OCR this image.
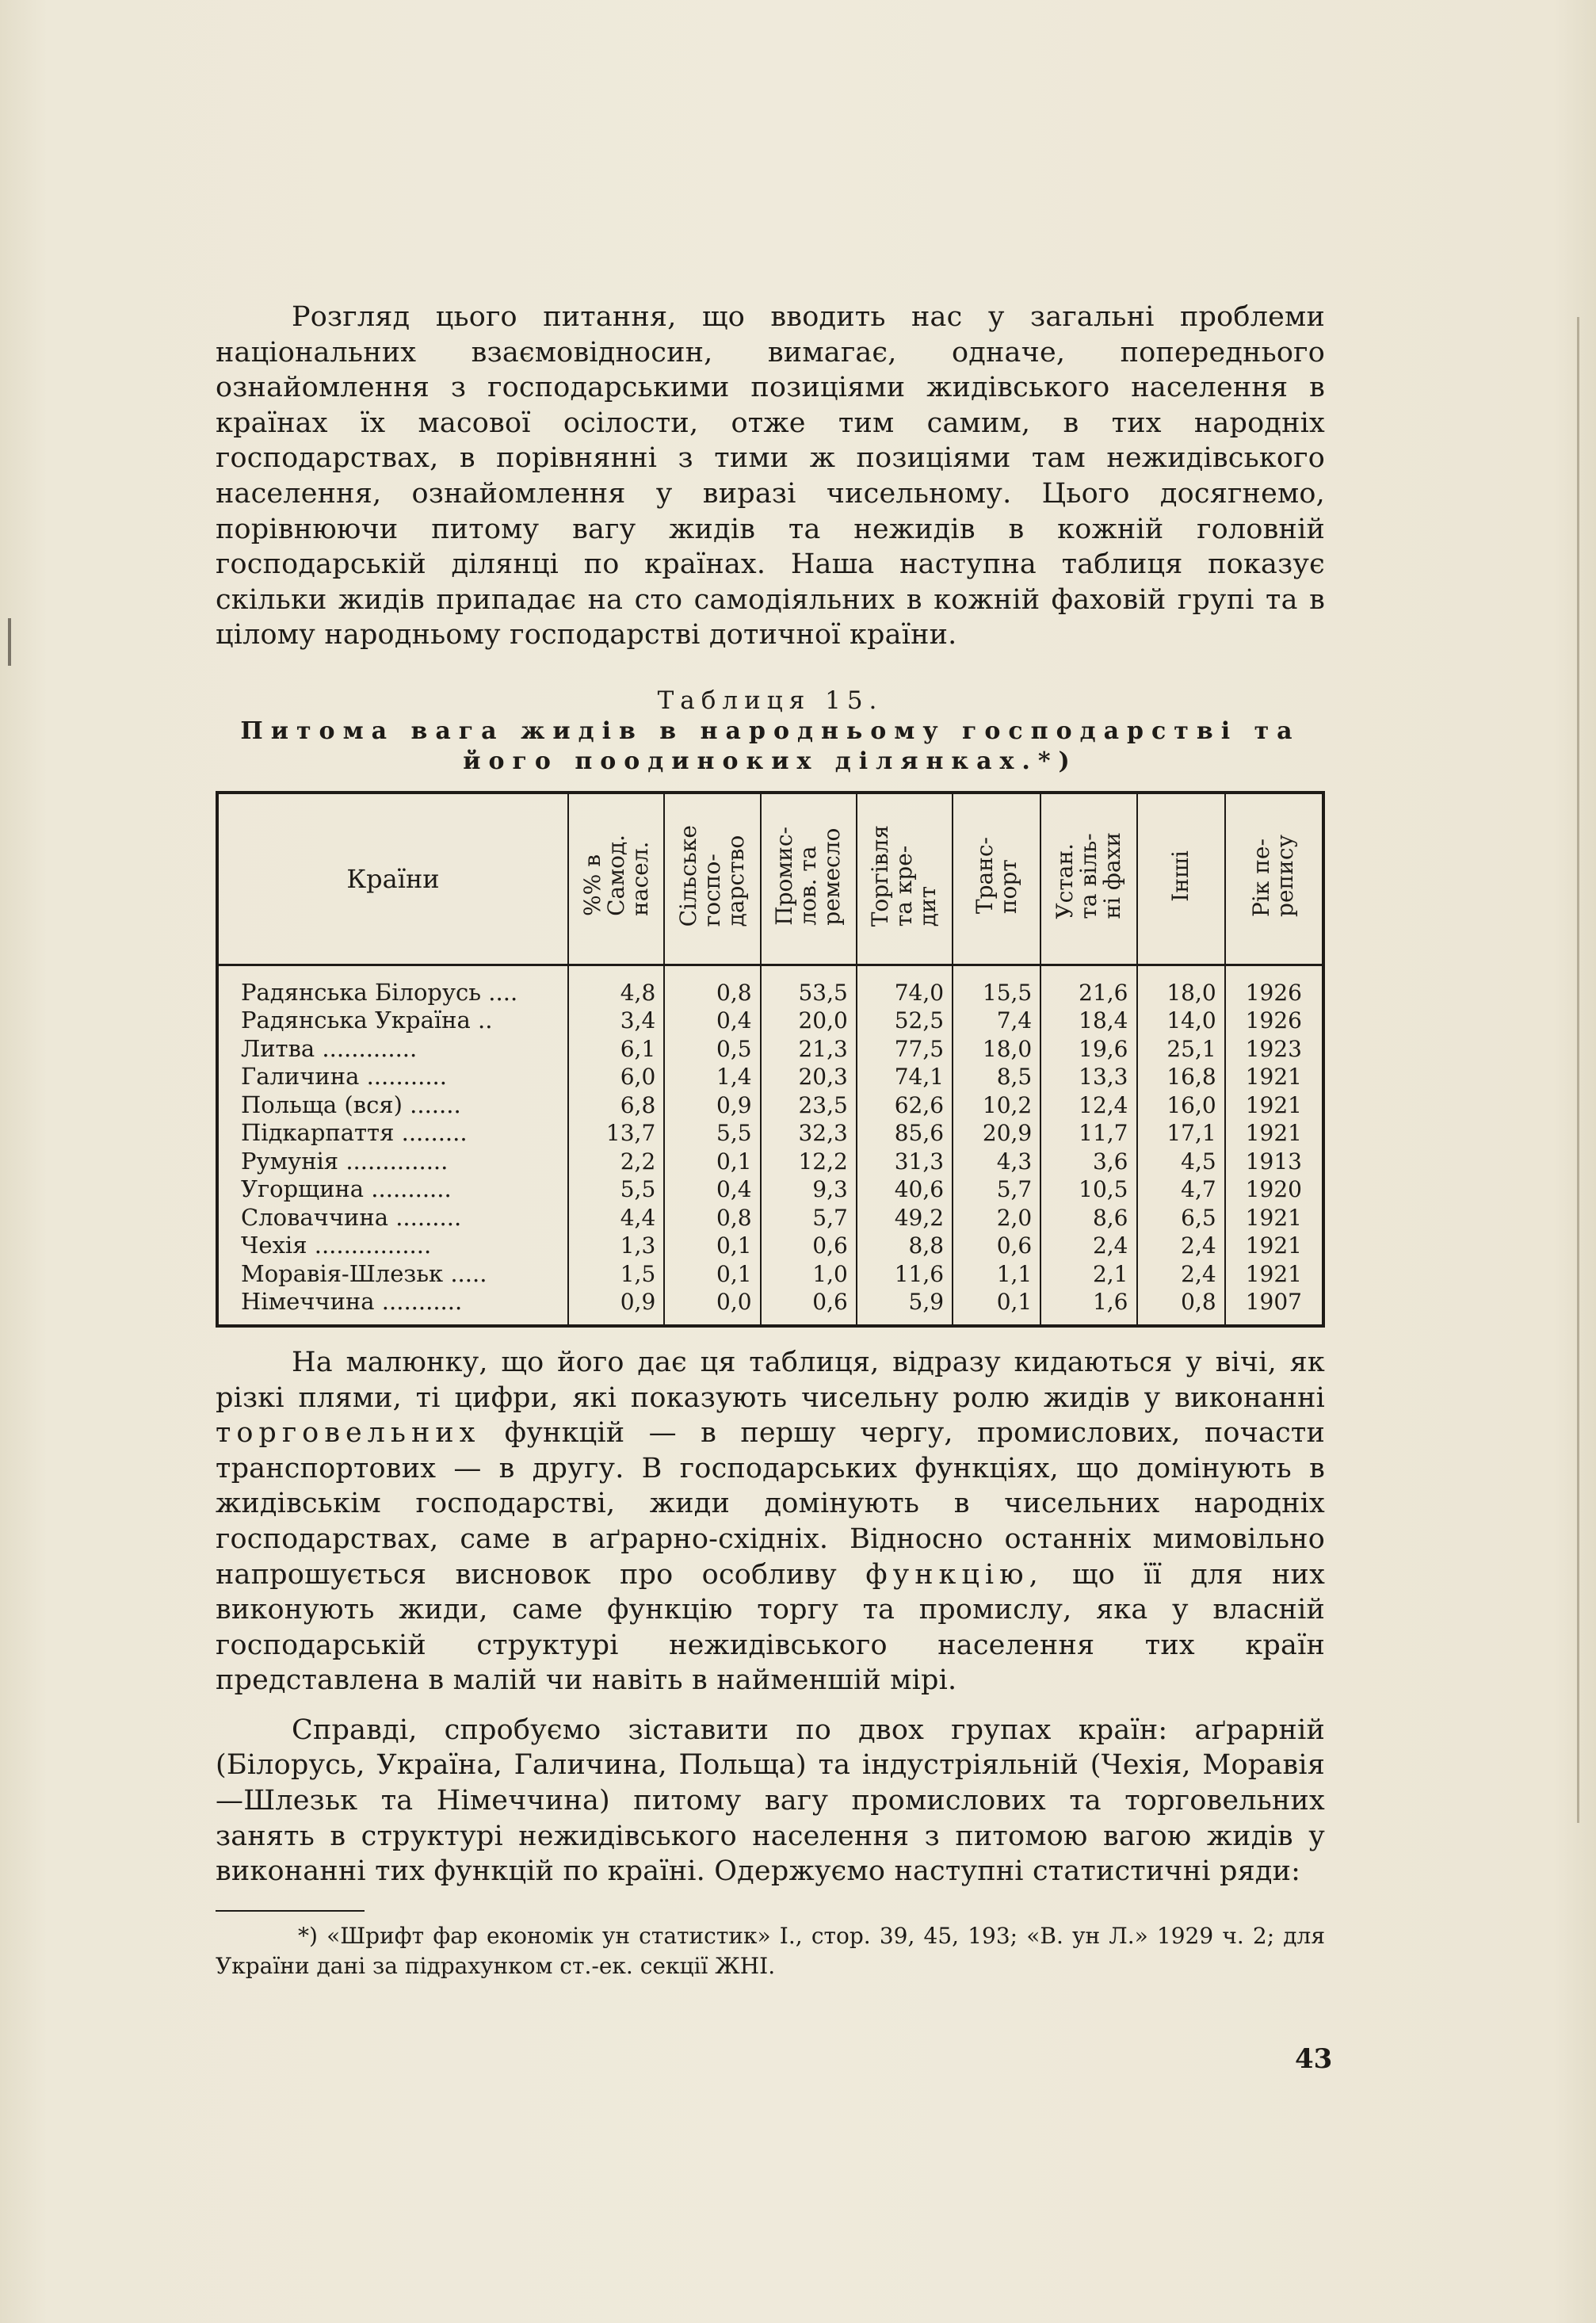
Розгляд цього питання, що вводить нас у загальні проблеми національних взаємовідносин, вимагає, одначе, попереднього ознайомлення з господарськими позиціями жидівського населення в країнах їх масової осілости, отже тим самим, в тих народніх господарствах, в порівнянні з тими ж позиціями там нежидівського населення, ознайомлення у виразі чисельному. Цього досягнемо, порівнюючи питому вагу жидів та нежидів в кожній головній господарській ділянці по країнах. Наша наступна таблиця показує скільки жидів припадає на сто самодіяльних в кожній фаховій групі та в цілому народньому господарстві дотичної країни.

Таблиця 15.
Питома вага жидів в народньому господарстві та його поодиноких ділянках.*)
Країни	%% в
Самод.
насел.	Сільське
госпо-
дарство	Промис-
лов. та
ремесло	Торгівля
та кре-
дит	Транс-
порт	Устан.
та віль-
ні фахи	Інші	Рік пе-
репису
Радянська Білорусь ....	4,8	0,8	53,5	74,0	15,5	21,6	18,0	1926
Радянська Україна ..	3,4	0,4	20,0	52,5	7,4	18,4	14,0	1926
Литва .............	6,1	0,5	21,3	77,5	18,0	19,6	25,1	1923
Галичина ...........	6,0	1,4	20,3	74,1	8,5	13,3	16,8	1921
Польща (вся) .......	6,8	0,9	23,5	62,6	10,2	12,4	16,0	1921
Підкарпаття .........	13,7	5,5	32,3	85,6	20,9	11,7	17,1	1921
Румунія ..............	2,2	0,1	12,2	31,3	4,3	3,6	4,5	1913
Угорщина ...........	5,5	0,4	9,3	40,6	5,7	10,5	4,7	1920
Словаччина .........	4,4	0,8	5,7	49,2	2,0	8,6	6,5	1921
Чехія ................	1,3	0,1	0,6	8,8	0,6	2,4	2,4	1921
Моравія-Шлезьк .....	1,5	0,1	1,0	11,6	1,1	2,1	2,4	1921
Німеччина ...........	0,9	0,0	0,6	5,9	0,1	1,6	0,8	1907

На малюнку, що його дає ця таблиця, відразу кидаються у вічі, як різкі плями, ті цифри, які показують чисельну ролю жидів у виконанні торговельних функцій — в першу чергу, промислових, почасти транспортових — в другу. В господарських функціях, що домінують в жидівськім господарстві, жиди домінують в чисельних народніх господарствах, саме в аґрарно-східніх. Відносно останніх мимовільно напрошується висновок про особливу функцію, що її для них виконують жиди, саме функцію торгу та промислу, яка у власній господарській структурі нежидівського населення тих країн представлена в малій чи навіть в найменшій мірі.

Справді, спробуємо зіставити по двох групах країн: аґрарній (Білорусь, Україна, Галичина, Польща) та індустріяльній (Чехія, Моравія—Шлезьк та Німеччина) питому вагу промислових та торговельних занять в структурі нежидівського населення з питомою вагою жидів у виконанні тих функцій по країні. Одержуємо наступні статистичні ряди:

*) «Шрифт фар економік ун статистик» I., стор. 39, 45, 193; «В. ун Л.» 1929 ч. 2; для України дані за підрахунком ст.-ек. секції ЖНІ.

43
